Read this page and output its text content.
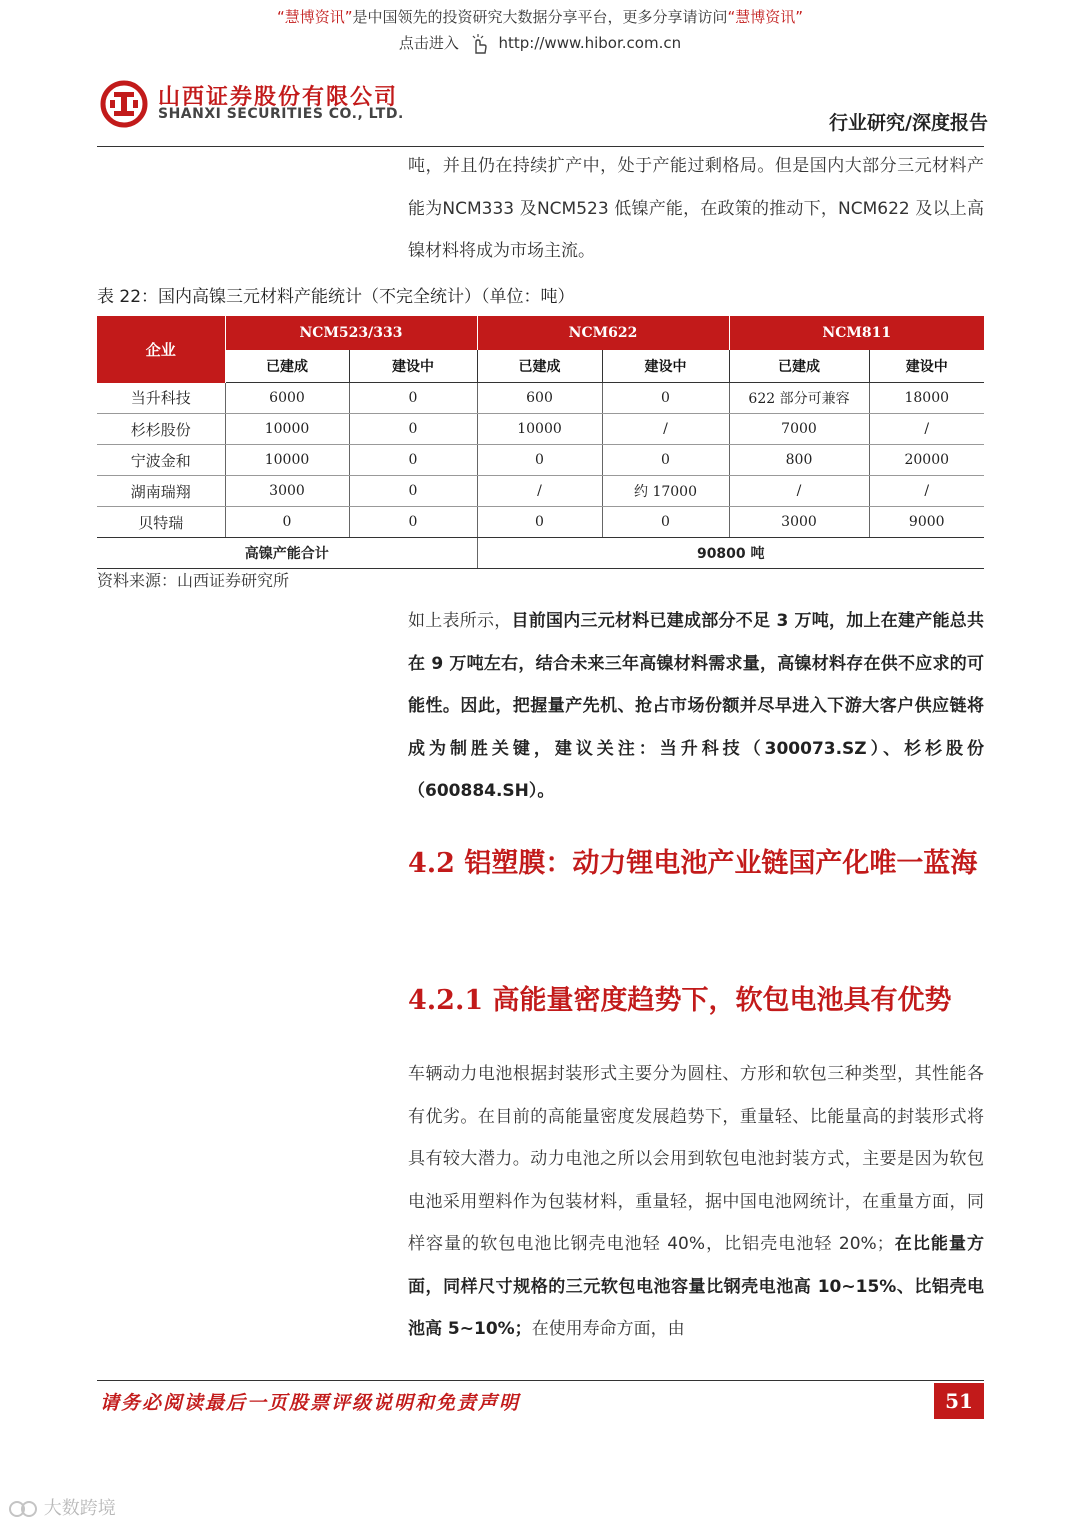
“慧博资讯”是中国领先的投资研究大数据分享平台，更多分享请访问“慧博资讯”
点击进入	http://www.hibor.com.cn
山西证券股份有限公司
SHANXI SECURITIES CO., LTD.	行业研究/深度报告
吨，并且仍在持续扩产中，处于产能过剩格局。但是国内大部分三元材料产能为NCM333 及NCM523 低镍产能，在政策的推动下，NCM622 及以上高镍材料将成为市场主流。
表 22：国内高镍三元材料产能统计（不完全统计）（单位：吨）
企业	NCM523/333		NCM622		NCM811	
	已建成	建设中	已建成	建设中	已建成	建设中
当升科技	6000	0	600	0	622 部分可兼容	18000
杉杉股份	10000	0	10000	/	7000	/
宁波金和	10000	0	0	0	800	20000
湖南瑞翔	3000	0	/	约 17000	/	/
贝特瑞	0	0	0	0	3000	9000
高镍产能合计			90800 吨			
资料来源：山西证券研究所
如上表所示，目前国内三元材料已建成部分不足 3 万吨，加上在建产能总共在 9 万吨左右，结合未来三年高镍材料需求量，高镍材料存在供不应求的可能性。因此，把握量产先机、抢占市场份额并尽早进入下游大客户供应链将成为制胜关键，建议关注：当升科技（300073.SZ）、杉杉股份（600884.SH）。
4.2 铝塑膜：动力锂电池产业链国产化唯一蓝海
4.2.1 高能量密度趋势下，软包电池具有优势
车辆动力电池根据封装形式主要分为圆柱、方形和软包三种类型，其性能各有优劣。在目前的高能量密度发展趋势下，重量轻、比能量高的封装形式将具有较大潜力。动力电池之所以会用到软包电池封装方式，主要是因为软包电池采用塑料作为包装材料，重量轻，据中国电池网统计，在重量方面，同样容量的软包电池比钢壳电池轻 40%，比铝壳电池轻 20%；在比能量方面，同样尺寸规格的三元软包电池容量比钢壳电池高 10~15%、比铝壳电池高 5~10%；在使用寿命方面，由
请务必阅读最后一页股票评级说明和免责声明	51
大数跨境
